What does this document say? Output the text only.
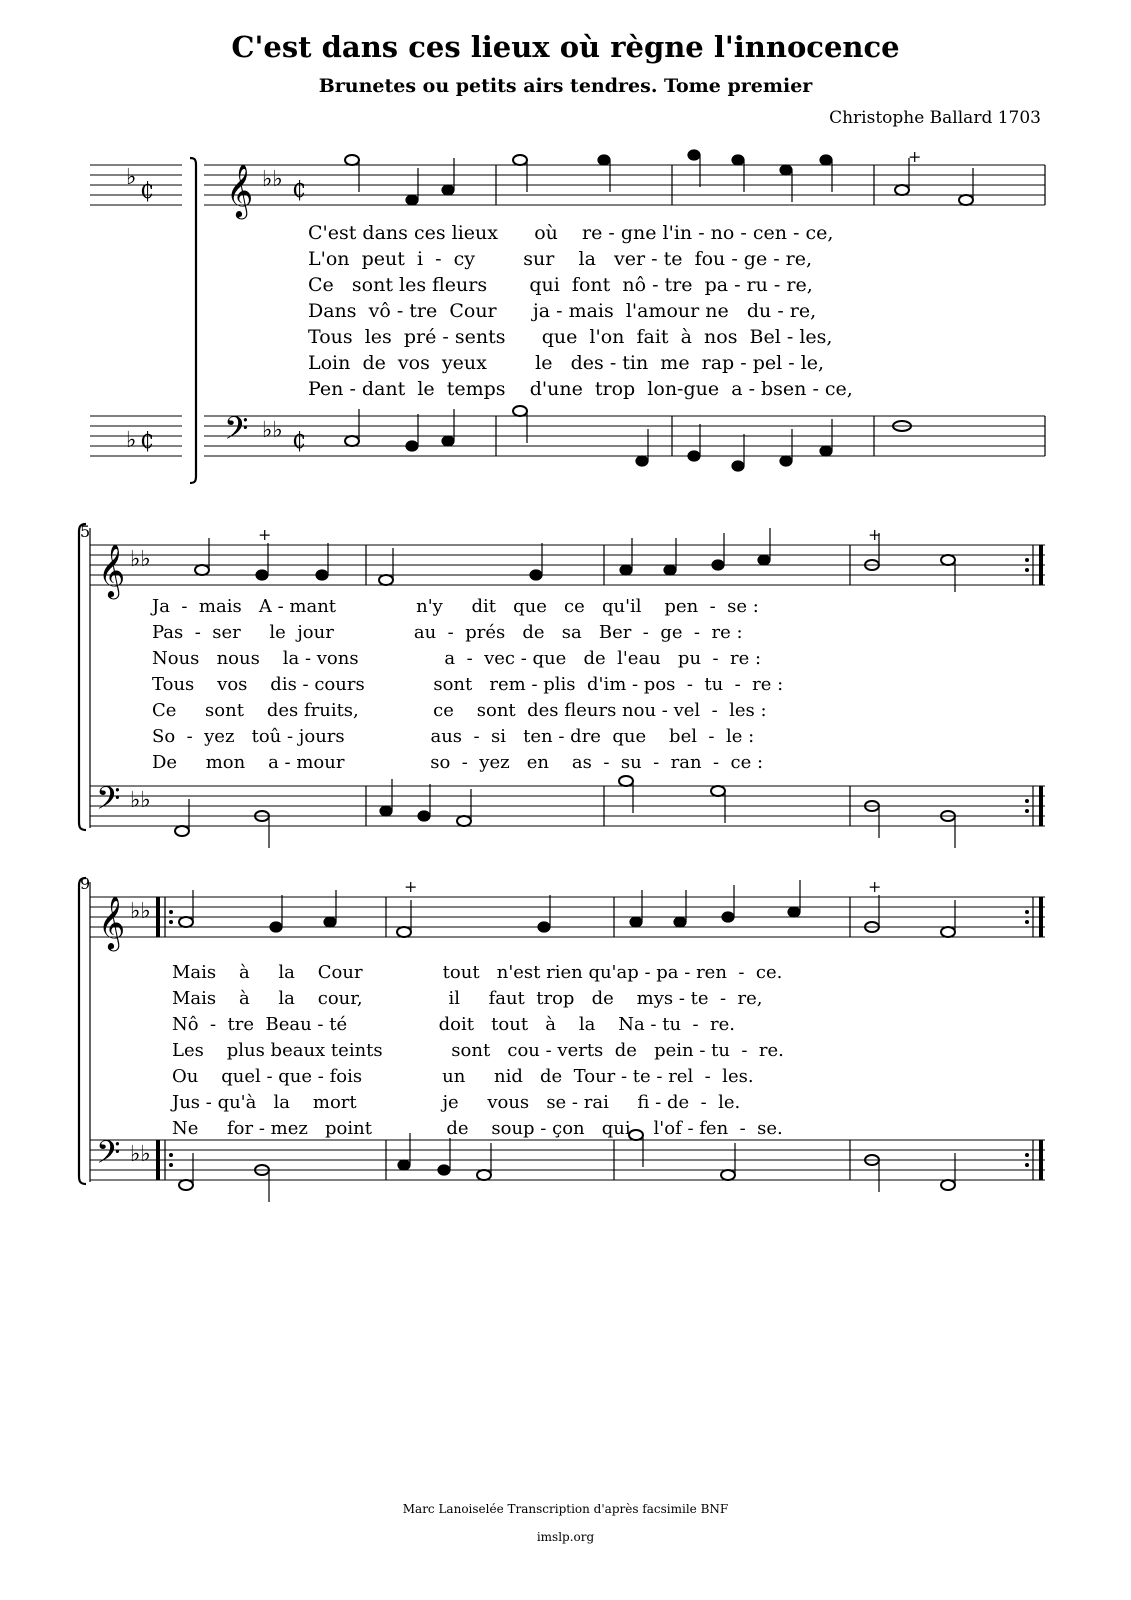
C'est dans ces lieux où règne l'innocence
Brunetes ou petits airs tendres. Tome premier
Christophe Ballard 1703
♭
₵
♭ ₵
𝄞
𝄢
♭♭
♭♭
₵
₵
+
5
𝄞
𝄢
♭♭
♭♭
+	+
9
𝄞
𝄢
♭♭
♭♭
+	+
C'est dans ces lieux      où    re - gne l'in - no - cen - ce,
L'on  peut  i  -  cy        sur    la   ver - te  fou - ge - re,
Ce   sont les fleurs       qui  font  nô - tre  pa - ru - re,
Dans  vô - tre  Cour      ja - mais  l'amour ne   du - re,
Tous  les  pré - sents      que  l'on  fait  à  nos  Bel - les,
Loin  de  vos  yeux        le   des - tin  me  rap - pel - le,
Pen - dant  le  temps    d'une  trop  lon-gue  a - bsen - ce,
Ja  -  mais   A - mant              n'y     dit   que   ce   qu'il    pen  -  se :
Pas  -  ser     le  jour              au  -  prés   de   sa   Ber  -  ge  -  re :
Nous   nous    la - vons               a  -  vec - que   de  l'eau   pu  -  re :
Tous    vos    dis - cours            sont   rem - plis  d'im - pos  -  tu  -  re :
Ce     sont    des fruits,             ce    sont  des fleurs nou - vel  -  les :
So  -  yez   toû - jours               aus  -  si   ten - dre  que    bel  -  le :
De     mon    a - mour               so  -  yez   en    as  -  su  -  ran  -  ce :
Mais    à     la    Cour              tout   n'est rien qu'ap - pa - ren  -  ce.
Mais    à     la    cour,               il     faut  trop   de    mys - te  -  re,
Nô  -  tre  Beau - té                doit   tout   à    la    Na - tu  -  re.
Les    plus beaux teints            sont   cou - verts  de   pein - tu  -  re.
Ou    quel - que - fois              un     nid   de  Tour - te - rel  -  les.
Jus - qu'à   la    mort               je     vous   se - rai     fi - de  -  le.
Ne     for - mez   point             de    soup - çon   qui    l'of - fen  -  se.
Marc Lanoiselée Transcription d'après facsimile BNF
imslp.org
